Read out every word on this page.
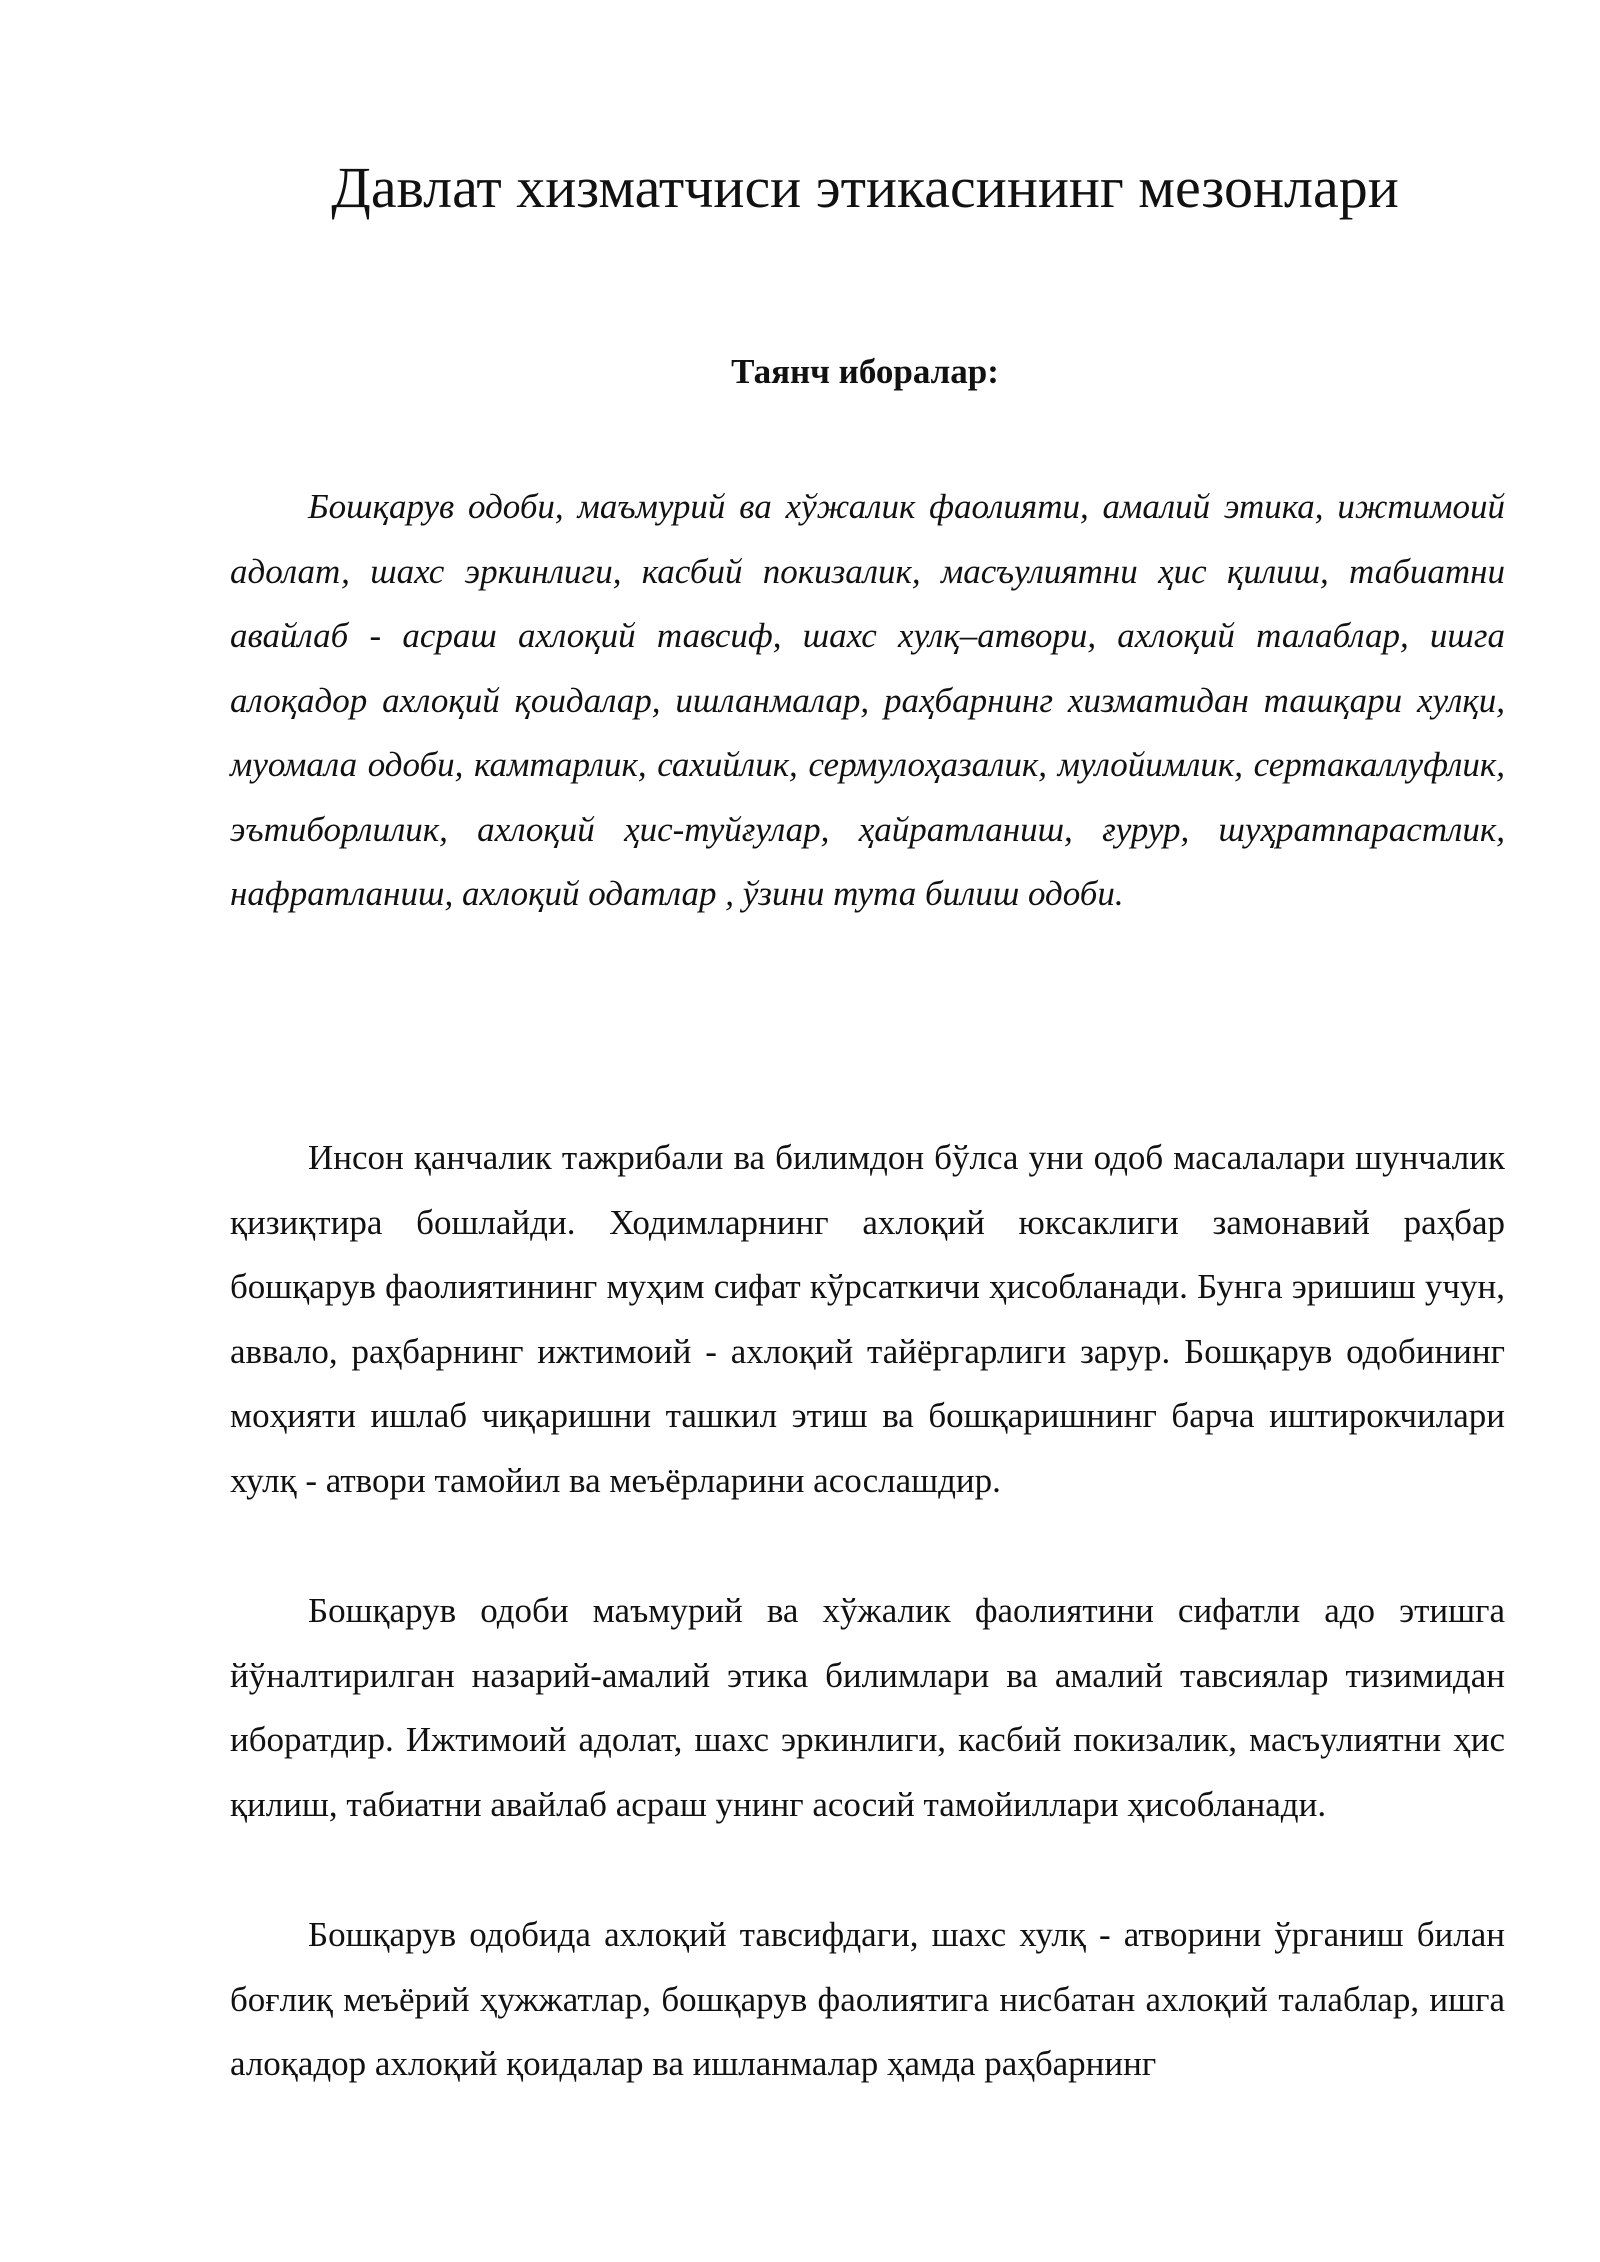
Давлат хизматчиси этикасининг мезонлари
Таянч иборалар:

Бошқарув одоби, маъмурий ва хўжалик фаолияти, амалий этика, ижтимоий адолат, шахс эркинлиги, касбий покизалик, масъулиятни ҳис қилиш, табиатни авайлаб - асраш ахлоқий тавсиф, шахс хулқ–атвори, ахлоқий талаблар, ишга алоқадор ахлоқий қоидалар, ишланмалар, раҳбарнинг хизматидан ташқари хулқи, муомала одоби, камтарлик, сахийлик, сермулоҳазалик, мулойимлик, сертакаллуфлик, эътиборлилик, ахлоқий ҳис-туйғулар, ҳайратланиш, ғурур, шуҳратпарастлик, нафратланиш, ахлоқий одатлар , ўзини тута билиш одоби.

Инсон қанчалик тажрибали ва билимдон бўлса уни одоб масалалари шунчалик қизиқтира бошлайди. Ходимларнинг ахлоқий юксаклиги замонавий раҳбар бошқарув фаолиятининг муҳим сифат кўрсаткичи ҳисобланади. Бунга эришиш учун, аввало, раҳбарнинг ижтимоий - ахлоқий тайёргарлиги зарур. Бошқарув одобининг моҳияти ишлаб чиқаришни ташкил этиш ва бошқаришнинг барча иштирокчилари хулқ - атвори тамойил ва меъёрларини асослашдир.

Бошқарув одоби маъмурий ва хўжалик фаолиятини сифатли адо этишга йўналтирилган назарий-амалий этика билимлари ва амалий тавсиялар тизимидан иборатдир. Ижтимоий адолат, шахс эркинлиги, касбий покизалик, масъулиятни ҳис қилиш, табиатни авайлаб асраш унинг асосий тамойиллари ҳисобланади.

Бошқарув одобида ахлоқий тавсифдаги, шахс хулқ - атворини ўрганиш билан боғлиқ меъёрий ҳужжатлар, бошқарув фаолиятига нисбатан ахлоқий талаблар, ишга алоқадор ахлоқий қоидалар ва ишланмалар ҳамда раҳбарнинг
